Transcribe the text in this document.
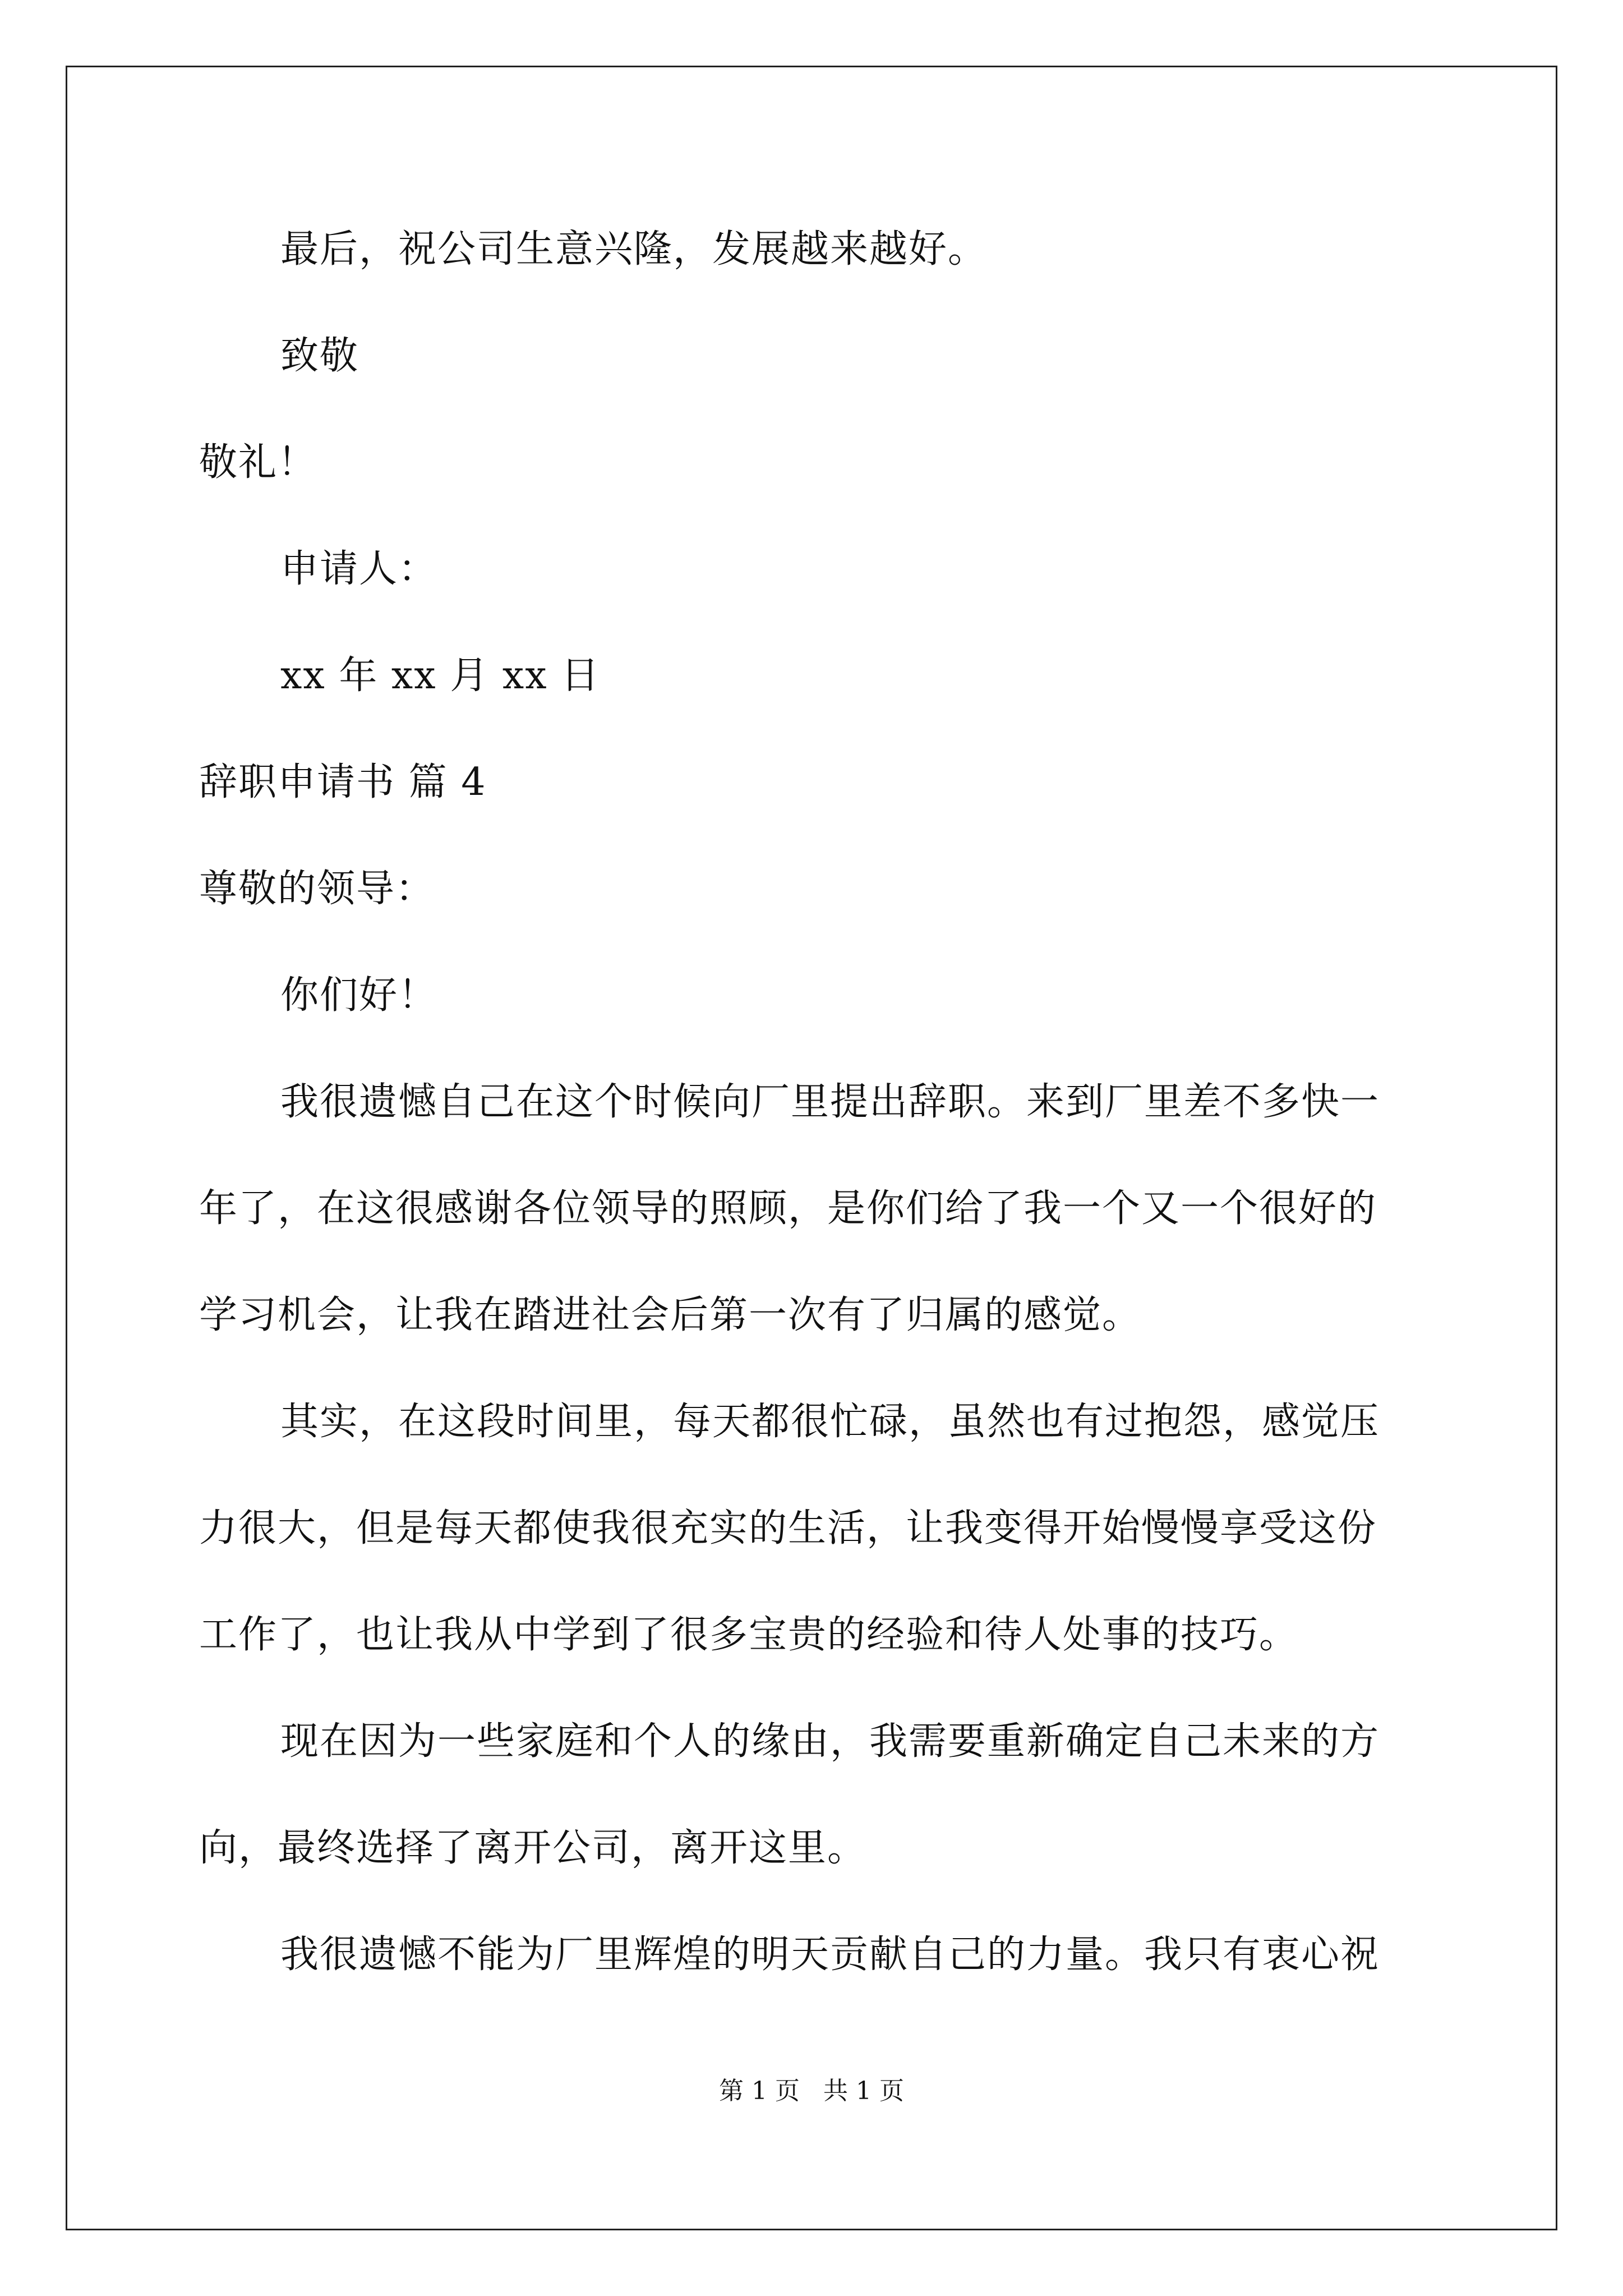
最后，祝公司生意兴隆，发展越来越好。
致敬
敬礼！
申请人：
xx 年 xx 月 xx 日
辞职申请书 篇 4
尊敬的领导：
你们好！
我很遗憾自己在这个时候向厂里提出辞职。来到厂里差不多快一
年了，在这很感谢各位领导的照顾，是你们给了我一个又一个很好的
学习机会，让我在踏进社会后第一次有了归属的感觉。
其实，在这段时间里，每天都很忙碌，虽然也有过抱怨，感觉压
力很大，但是每天都使我很充实的生活，让我变得开始慢慢享受这份
工作了，也让我从中学到了很多宝贵的经验和待人处事的技巧。
现在因为一些家庭和个人的缘由，我需要重新确定自己未来的方
向，最终选择了离开公司，离开这里。
我很遗憾不能为厂里辉煌的明天贡献自己的力量。我只有衷心祝
第 1 页   共 1 页
